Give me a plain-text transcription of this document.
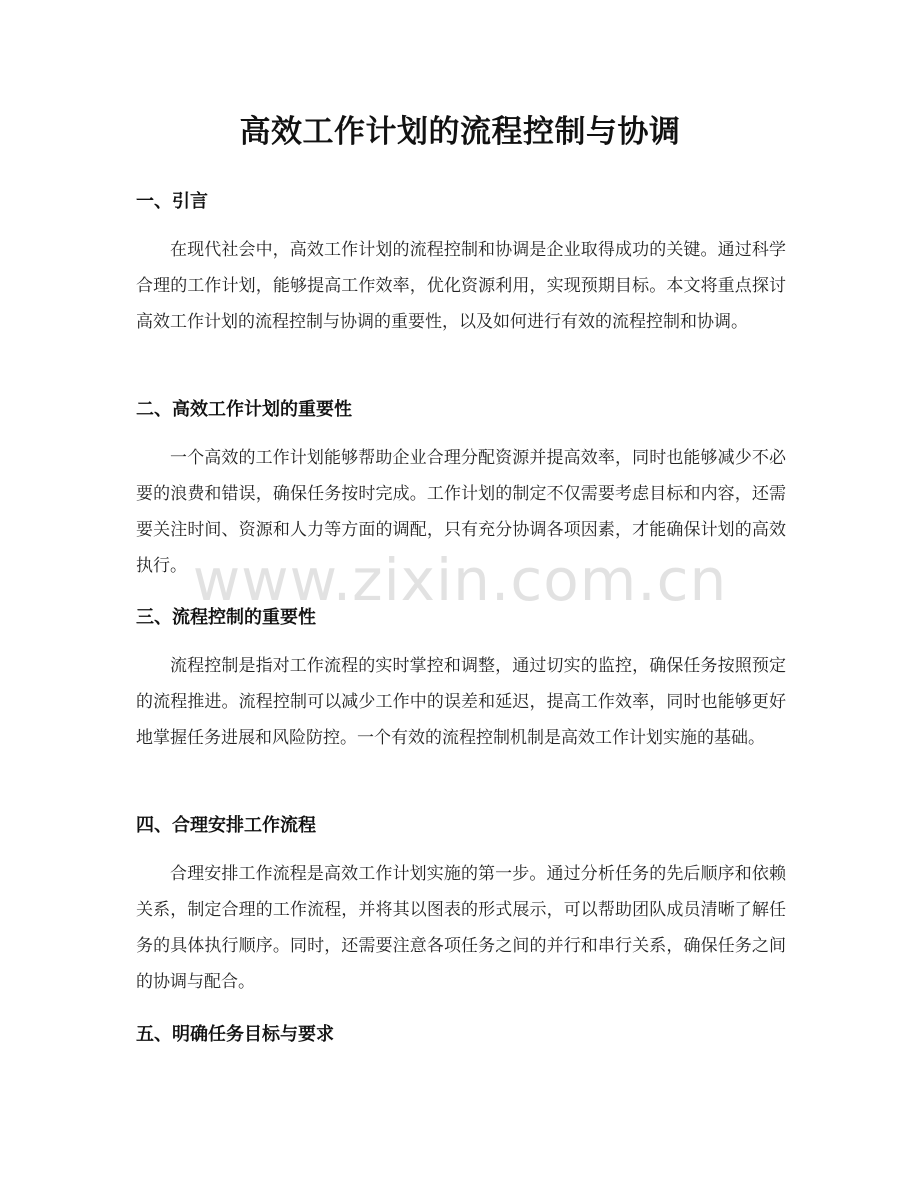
高效工作计划的流程控制与协调
一、引言

在现代社会中，高效工作计划的流程控制和协调是企业取得成功的关键。通过科学合理的工作计划，能够提高工作效率，优化资源利用，实现预期目标。本文将重点探讨高效工作计划的流程控制与协调的重要性，以及如何进行有效的流程控制和协调。

二、高效工作计划的重要性

一个高效的工作计划能够帮助企业合理分配资源并提高效率，同时也能够减少不必要的浪费和错误，确保任务按时完成。工作计划的制定不仅需要考虑目标和内容，还需要关注时间、资源和人力等方面的调配，只有充分协调各项因素，才能确保计划的高效执行。

三、流程控制的重要性

流程控制是指对工作流程的实时掌控和调整，通过切实的监控，确保任务按照预定的流程推进。流程控制可以减少工作中的误差和延迟，提高工作效率，同时也能够更好地掌握任务进展和风险防控。一个有效的流程控制机制是高效工作计划实施的基础。

四、合理安排工作流程

合理安排工作流程是高效工作计划实施的第一步。通过分析任务的先后顺序和依赖关系，制定合理的工作流程，并将其以图表的形式展示，可以帮助团队成员清晰了解任务的具体执行顺序。同时，还需要注意各项任务之间的并行和串行关系，确保任务之间的协调与配合。

五、明确任务目标与要求
www.zixin.com.cn
